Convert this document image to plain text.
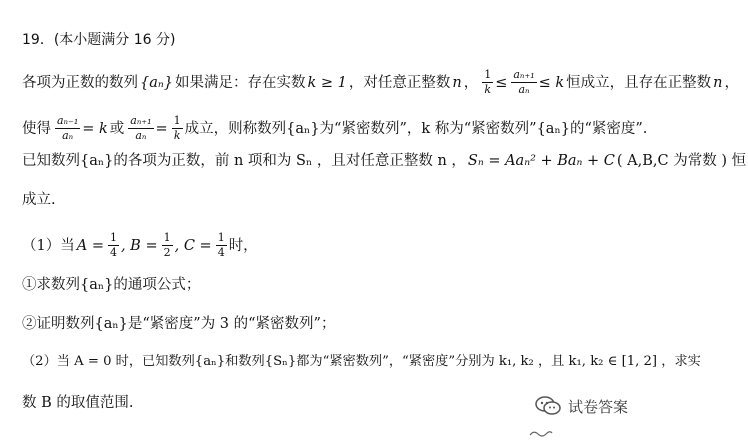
19．(本小题满分 16 分)
各项为正数的数列 {aₙ} 如果满足：存在实数 k ≥ 1 ，对任意正整数 n ， $\frac{1}{k} \le \frac{\text{aₙ₊₁}}{\text{aₙ}} \le k$ 恒成立，且存在正整数 n ，
使得 $\frac{\text{aₙ₋₁}}{\text{aₙ}} = k$ 或 $\frac{\text{aₙ₊₁}}{\text{aₙ}} = \frac{1}{k}$ 成立，则称数列{aₙ}为“紧密数列”，k 称为“紧密数列”{aₙ}的“紧密度”.
已知数列{aₙ}的各项为正数，前 n 项和为 Sₙ ，且对任意正整数 n ， Sₙ = Aaₙ² + Baₙ + C ( A,B,C 为常数 ) 恒
成立.
（1）当 $A = \frac{1}{4}$ , $B = \frac{1}{2}$ , $C = \frac{1}{4}$ 时，
①求数列{aₙ}的通项公式；
②证明数列{aₙ}是“紧密度”为 3 的“紧密数列”；
（2）当 A = 0 时，已知数列{aₙ}和数列{Sₙ}都为“紧密数列”，“紧密度”分别为 k₁, k₂ ，且 k₁, k₂ ∈ [1, 2] ，求实
数 B 的取值范围.	试卷答案
